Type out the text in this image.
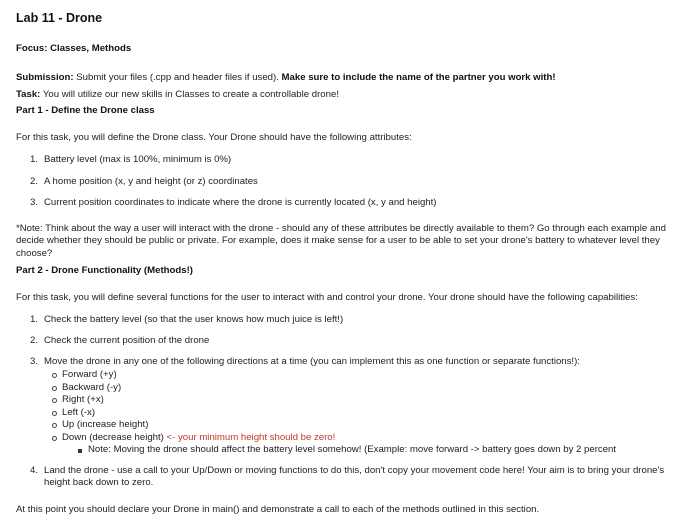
Lab 11 - Drone
Focus: Classes, Methods
Submission: Submit your files (.cpp and header files if used). Make sure to include the name of the partner you work with!
Task: You will utilize our new skills in Classes to create a controllable drone!
Part 1 - Define the Drone class
For this task, you will define the Drone class. Your Drone should have the following attributes:
1. Battery level (max is 100%, minimum is 0%)
2. A home position (x, y and height (or z) coordinates
3. Current position coordinates to indicate where the drone is currently located (x, y and height)
*Note: Think about the way a user will interact with the drone - should any of these attributes be directly available to them? Go through each example and decide whether they should be public or private. For example, does it make sense for a user to be able to set your drone's battery to whatever level they choose?
Part 2 - Drone Functionality (Methods!)
For this task, you will define several functions for the user to interact with and control your drone. Your drone should have the following capabilities:
1. Check the battery level (so that the user knows how much juice is left!)
2. Check the current position of the drone
3. Move the drone in any one of the following directions at a time (you can implement this as one function or separate functions!):
Forward (+y)
Backward (-y)
Right (+x)
Left (-x)
Up (increase height)
Down (decrease height) <- your minimum height should be zero!
Note: Moving the drone should affect the battery level somehow! (Example: move forward -> battery goes down by 2 percent
4. Land the drone - use a call to your Up/Down or moving functions to do this, don't copy your movement code here! Your aim is to bring your drone's height back down to zero.
At this point you should declare your Drone in main() and demonstrate a call to each of the methods outlined in this section.
